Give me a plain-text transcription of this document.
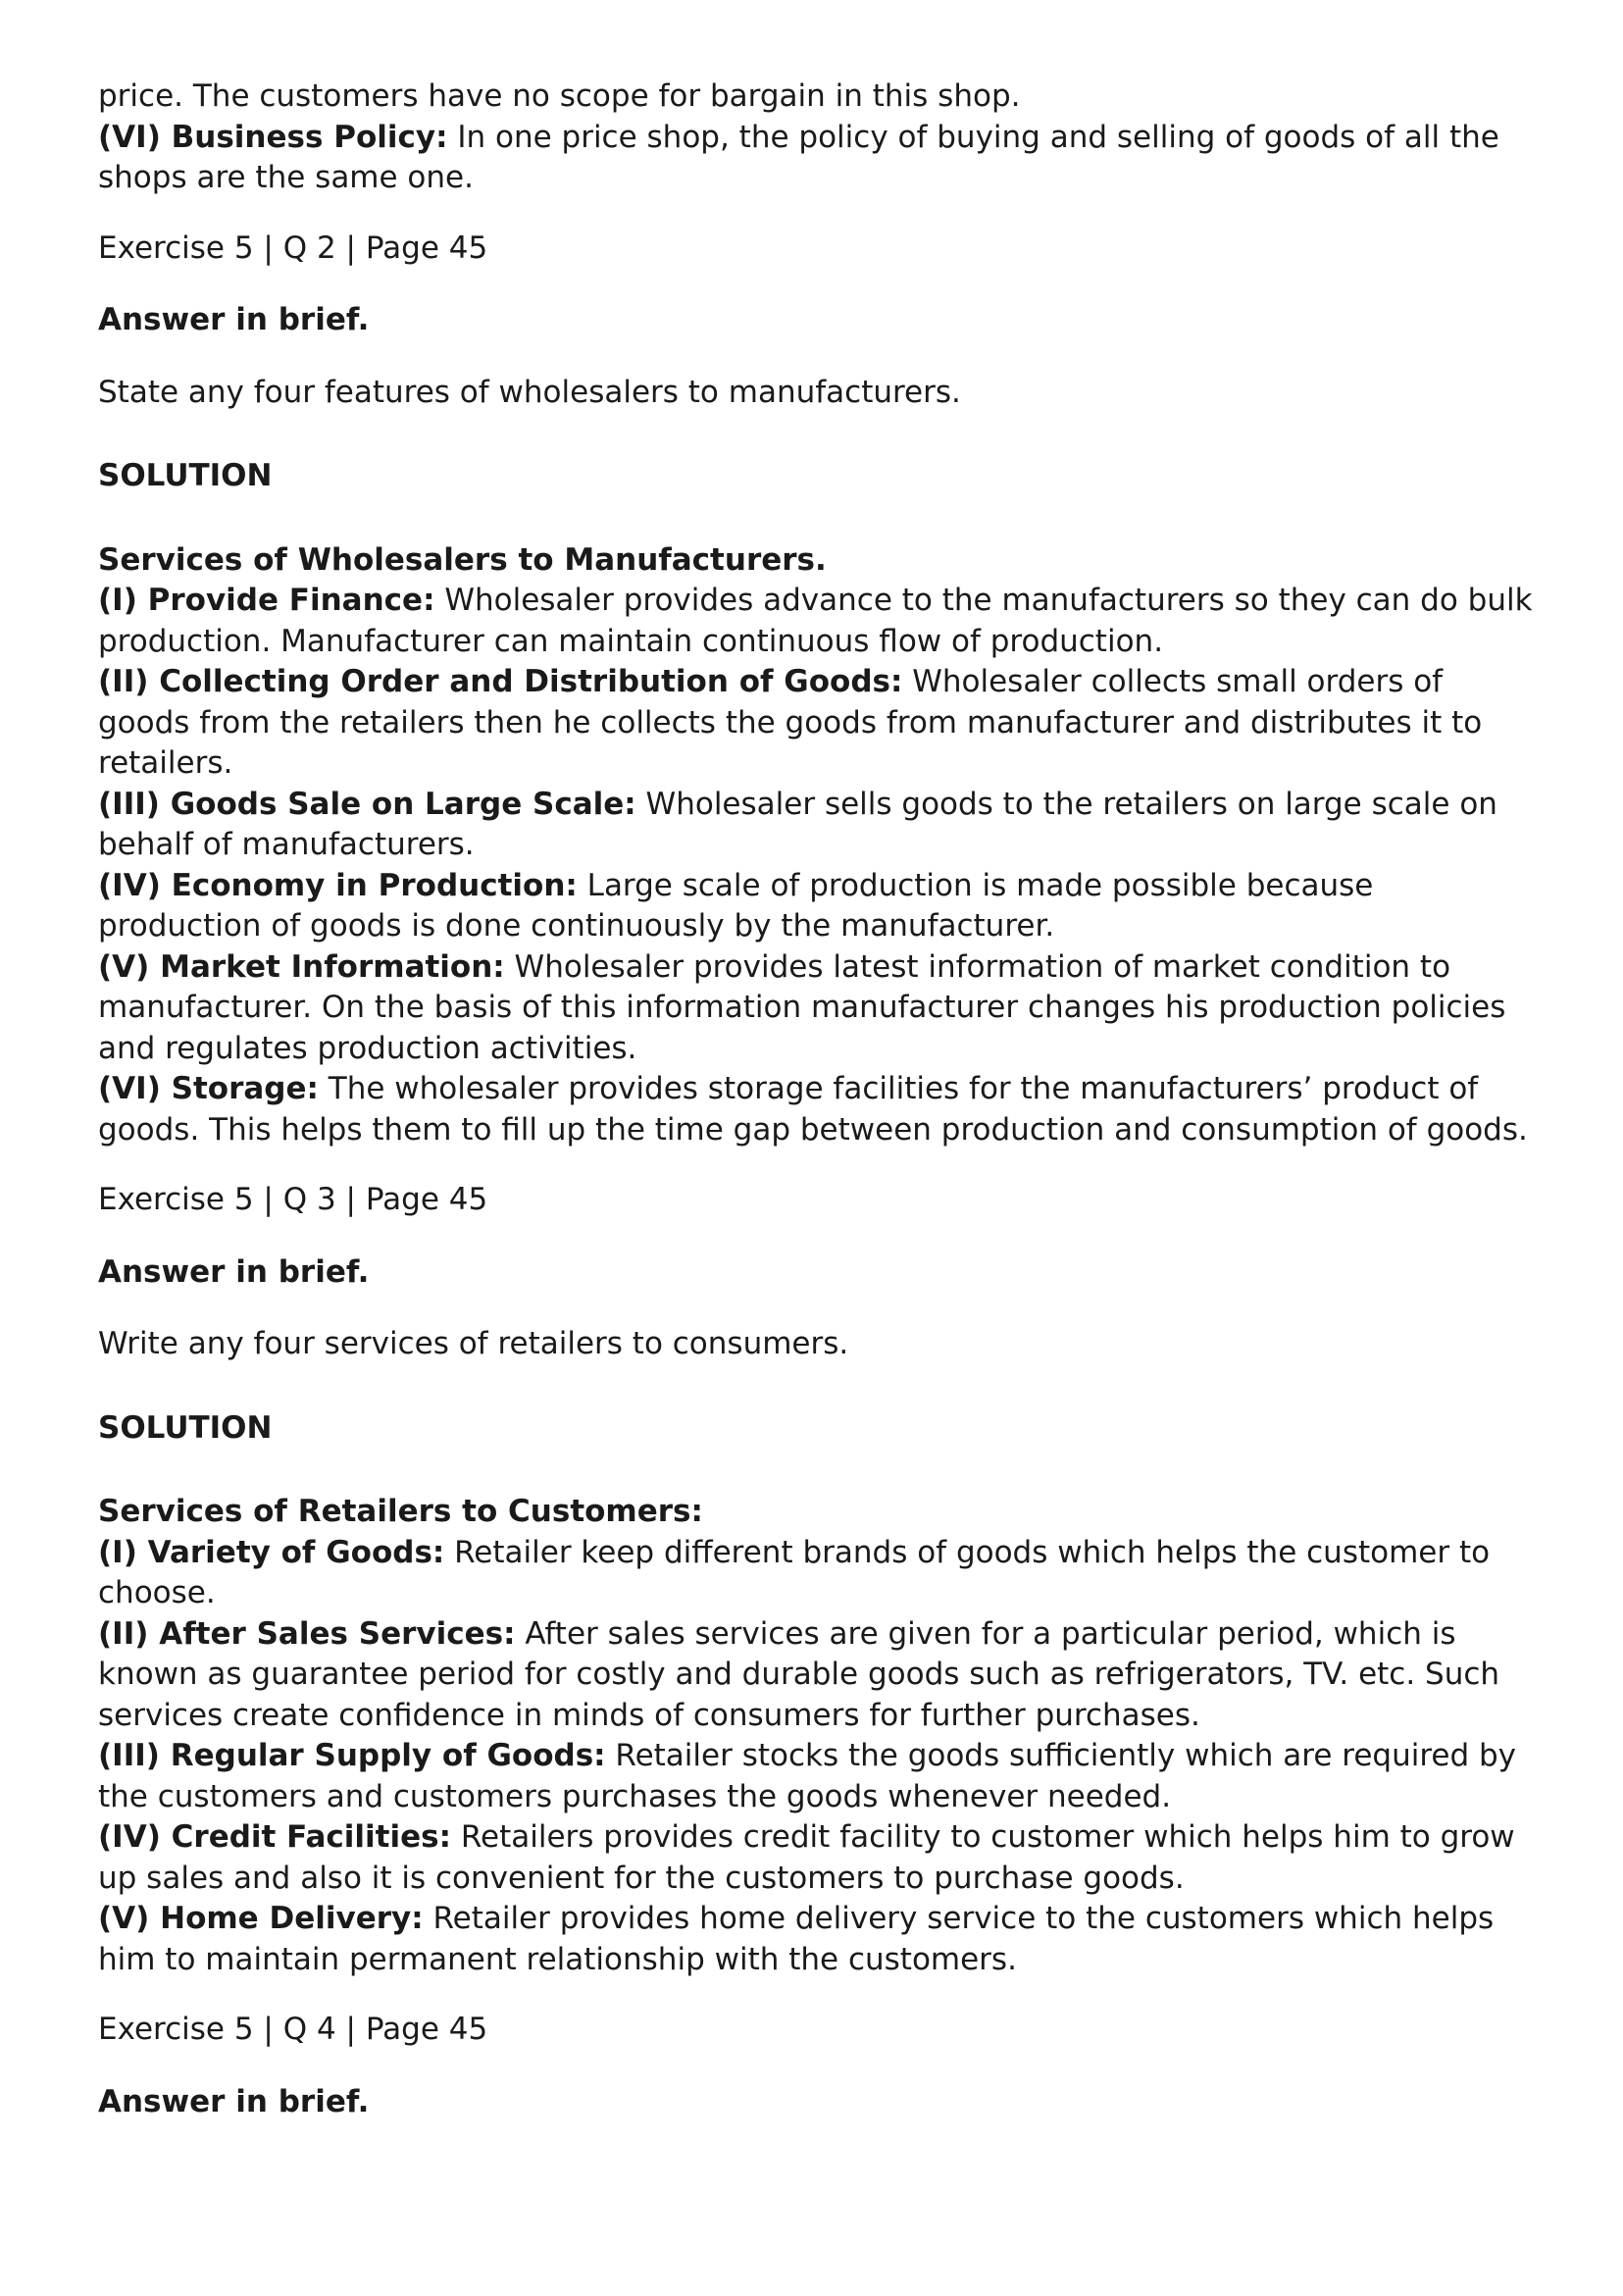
price. The customers have no scope for bargain in this shop.

(VI) Business Policy: In one price shop, the policy of buying and selling of goods of all the shops are the same one.

Exercise 5 | Q 2 | Page 45

Answer in brief.

State any four features of wholesalers to manufacturers.

SOLUTION

Services of Wholesalers to Manufacturers.

(I) Provide Finance: Wholesaler provides advance to the manufacturers so they can do bulk production. Manufacturer can maintain continuous flow of production.

(II) Collecting Order and Distribution of Goods: Wholesaler collects small orders of goods from the retailers then he collects the goods from manufacturer and distributes it to retailers.

(III) Goods Sale on Large Scale: Wholesaler sells goods to the retailers on large scale on behalf of manufacturers.

(IV) Economy in Production: Large scale of production is made possible because production of goods is done continuously by the manufacturer.

(V) Market Information: Wholesaler provides latest information of market condition to manufacturer. On the basis of this information manufacturer changes his production policies and regulates production activities.

(VI) Storage: The wholesaler provides storage facilities for the manufacturers’ product of goods. This helps them to fill up the time gap between production and consumption of goods.

Exercise 5 | Q 3 | Page 45

Answer in brief.

Write any four services of retailers to consumers.

SOLUTION

Services of Retailers to Customers:

(I) Variety of Goods: Retailer keep different brands of goods which helps the customer to choose.

(II) After Sales Services: After sales services are given for a particular period, which is known as guarantee period for costly and durable goods such as refrigerators, TV. etc. Such services create confidence in minds of consumers for further purchases.

(III) Regular Supply of Goods: Retailer stocks the goods sufficiently which are required by the customers and customers purchases the goods whenever needed.

(IV) Credit Facilities: Retailers provides credit facility to customer which helps him to grow up sales and also it is convenient for the customers to purchase goods.

(V) Home Delivery: Retailer provides home delivery service to the customers which helps him to maintain permanent relationship with the customers.

Exercise 5 | Q 4 | Page 45

Answer in brief.
